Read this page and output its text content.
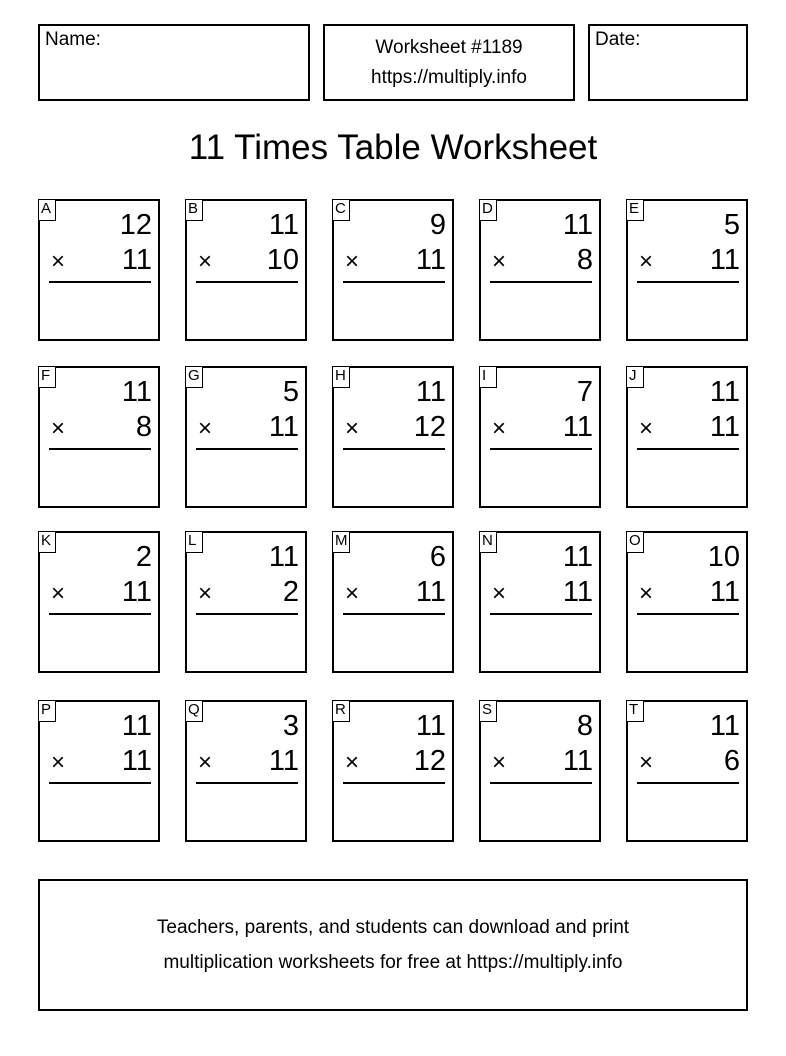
Name:	Worksheet #1189
https://multiply.info
Date:
11 Times Table Worksheet
A
12
× 11
B
11
× 10
C
9
× 11
D
11
× 8
E
5
× 11
F
11
× 8
G
5
× 11
H
11
× 12
I
7
× 11
J
11
× 11
K
2
× 11
L
11
× 2
M
6
× 11
N
11
× 11
O
10
× 11
P
11
× 11
Q
3
× 11
R
11
× 12
S
8
× 11
T
11
× 6
Teachers, parents, and students can download and print
multiplication worksheets for free at https://multiply.info
